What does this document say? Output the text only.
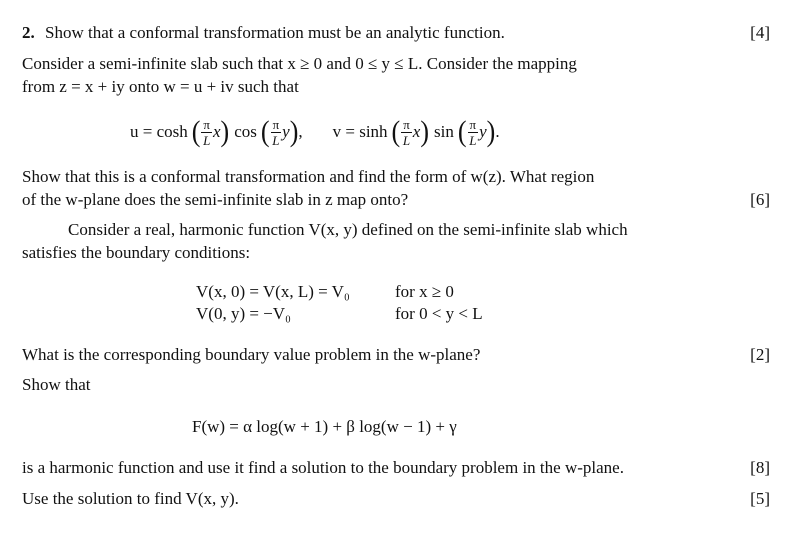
2. Show that a conformal transformation must be an analytic function.	[4]
Consider a semi-infinite slab such that x ≥ 0 and 0 ≤ y ≤ L. Consider the mapping
from z = x + iy onto w = u + iv such that
u = cosh ( $\frac{\pi}{L}$ x ) cos ( $\frac{\pi}{L}$ y ) , v = sinh ( $\frac{\pi}{L}$ x ) sin ( $\frac{\pi}{L}$ y ) .
Show that this is a conformal transformation and find the form of w(z). What region
of the w-plane does the semi-infinite slab in z map onto?	[6]
Consider a real, harmonic function V(x, y) defined on the semi-infinite slab which
satisfies the boundary conditions:
V(x, 0) = V(x, L) = V₀	for x ≥ 0
V(0, y) = −V₀	for 0 < y < L
What is the corresponding boundary value problem in the w-plane?	[2]
Show that
F(w) = α log(w + 1) + β log(w − 1) + γ
is a harmonic function and use it find a solution to the boundary problem in the w-plane.	[8]
Use the solution to find V(x, y).	[5]
